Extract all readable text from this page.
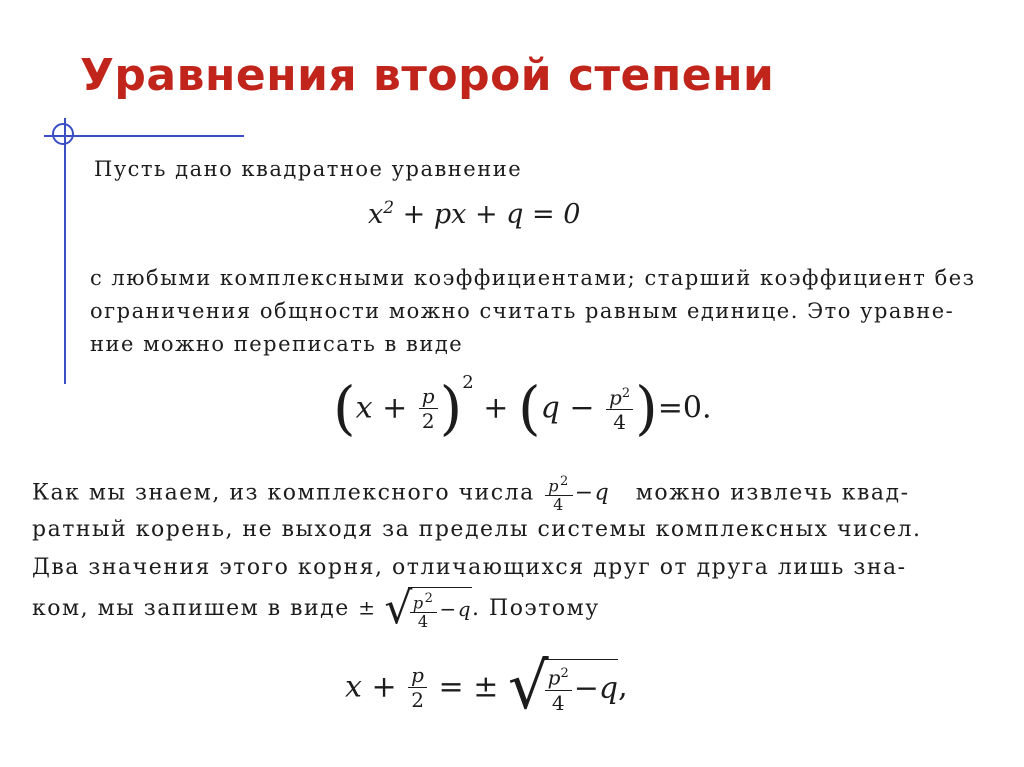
Уравнения второй степени
Пусть дано квадратное уравнение
$x^2$ + px + q = 0
с любыми комплексными коэффициентами; старший коэффициент без
ограничения общности можно считать равным единице. Это уравне-
ние можно переписать в виде
$(x + \frac{p}{2} )^2 + (q - \frac{p^2}{4} )=0$.
Как мы знаем, из комплексного числа $\frac{p^2}{4} -q$ можно извлечь квад-
ратный корень, не выходя за пределы системы комплексных чисел.
Два значения этого корня, отличающихся друг от друга лишь зна-
ком, мы запишем в виде ± √
$\frac{p^2}{4} -q$. Поэтому
$x + \frac{p}{2}$ = ± √
$\frac{p^2}{4} -q$,
